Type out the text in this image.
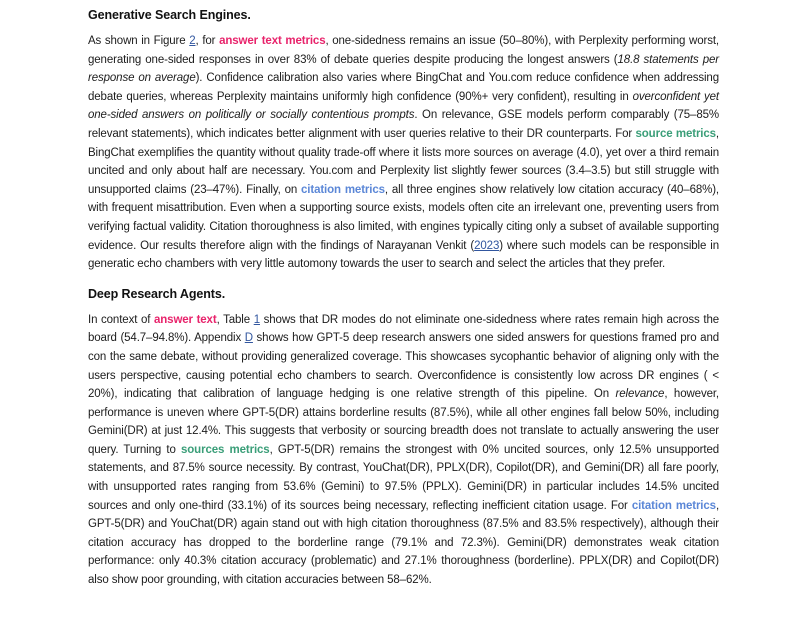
Generative Search Engines.

As shown in Figure 2, for answer text metrics, one-sidedness remains an issue (50–80%), with Perplexity performing worst, generating one-sided responses in over 83% of debate queries despite producing the longest answers (18.8 statements per response on average). Confidence calibration also varies where BingChat and You.com reduce confidence when addressing debate queries, whereas Perplexity maintains uniformly high confidence (90%+ very confident), resulting in overconfident yet one-sided answers on politically or socially contentious prompts. On relevance, GSE models perform comparably (75–85% relevant statements), which indicates better alignment with user queries relative to their DR counterparts. For source metrics, BingChat exemplifies the quantity without quality trade-off where it lists more sources on average (4.0), yet over a third remain uncited and only about half are necessary. You.com and Perplexity list slightly fewer sources (3.4–3.5) but still struggle with unsupported claims (23–47%). Finally, on citation metrics, all three engines show relatively low citation accuracy (40–68%), with frequent misattribution. Even when a supporting source exists, models often cite an irrelevant one, preventing users from verifying factual validity. Citation thoroughness is also limited, with engines typically citing only a subset of available supporting evidence. Our results therefore align with the findings of Narayanan Venkit (2023) where such models can be responsible in generatic echo chambers with very little automony towards the user to search and select the articles that they prefer.

Deep Research Agents.

In context of answer text, Table 1 shows that DR modes do not eliminate one-sidedness where rates remain high across the board (54.7–94.8%). Appendix D shows how GPT-5 deep research answers one sided answers for questions framed pro and con the same debate, without providing generalized coverage. This showcases sycophantic behavior of aligning only with the users perspective, causing potential echo chambers to search. Overconfidence is consistently low across DR engines ( < 20%), indicating that calibration of language hedging is one relative strength of this pipeline. On relevance, however, performance is uneven where GPT-5(DR) attains borderline results (87.5%), while all other engines fall below 50%, including Gemini(DR) at just 12.4%. This suggests that verbosity or sourcing breadth does not translate to actually answering the user query. Turning to sources metrics, GPT-5(DR) remains the strongest with 0% uncited sources, only 12.5% unsupported statements, and 87.5% source necessity. By contrast, YouChat(DR), PPLX(DR), Copilot(DR), and Gemini(DR) all fare poorly, with unsupported rates ranging from 53.6% (Gemini) to 97.5% (PPLX). Gemini(DR) in particular includes 14.5% uncited sources and only one-third (33.1%) of its sources being necessary, reflecting inefficient citation usage. For citation metrics, GPT-5(DR) and YouChat(DR) again stand out with high citation thoroughness (87.5% and 83.5% respectively), although their citation accuracy has dropped to the borderline range (79.1% and 72.3%). Gemini(DR) demonstrates weak citation performance: only 40.3% citation accuracy (problematic) and 27.1% thoroughness (borderline). PPLX(DR) and Copilot(DR) also show poor grounding, with citation accuracies between 58–62%.
